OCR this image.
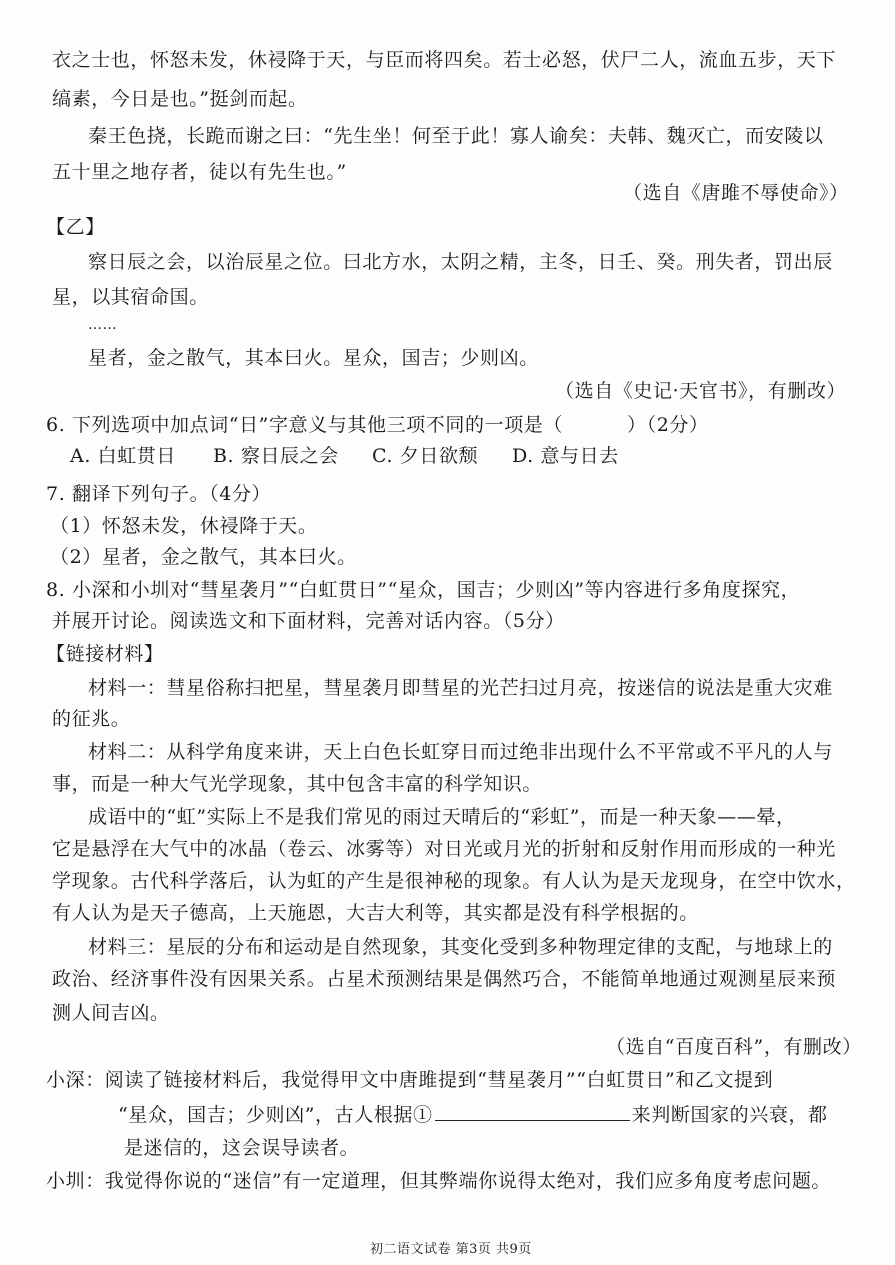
衣之士也，怀怒未发，休祲降于天，与臣而将四矣。若士必怒，伏尸二人，流血五步，天下
缟素，今日是也。”挺剑而起。
秦王色挠，长跪而谢之曰：“先生坐！何至于此！寡人谕矣：夫韩、魏灭亡，而安陵以
五十里之地存者，徒以有先生也。”
（选自《唐雎不辱使命》）
【乙】
察日辰之会，以治辰星之位。曰北方水，太阴之精，主冬，日壬、癸。刑失者，罚出辰
星，以其宿命国。
……
星者，金之散气，其本曰火。星众，国吉；少则凶。
（选自《史记·天官书》，有删改）
6. 下列选项中加点词“日”字意义与其他三项不同的一项是（	）（2分）
A. 白虹贯日 B. 察日辰之会 C. 夕日欲颓 D. 意与日去
7. 翻译下列句子。（4分）
（1）怀怒未发，休祲降于天。
（2）星者，金之散气，其本曰火。
8. 小深和小圳对“彗星袭月”“白虹贯日”“星众，国吉；少则凶”等内容进行多角度探究，
并展开讨论。阅读选文和下面材料，完善对话内容。（5分）
【链接材料】
材料一：彗星俗称扫把星，彗星袭月即彗星的光芒扫过月亮，按迷信的说法是重大灾难
的征兆。
材料二：从科学角度来讲，天上白色长虹穿日而过绝非出现什么不平常或不平凡的人与
事，而是一种大气光学现象，其中包含丰富的科学知识。
成语中的“虹”实际上不是我们常见的雨过天晴后的“彩虹”，而是一种天象——晕，
它是悬浮在大气中的冰晶（卷云、冰雾等）对日光或月光的折射和反射作用而形成的一种光
学现象。古代科学落后，认为虹的产生是很神秘的现象。有人认为是天龙现身，在空中饮水，
有人认为是天子德高，上天施恩，大吉大利等，其实都是没有科学根据的。
材料三：星辰的分布和运动是自然现象，其变化受到多种物理定律的支配，与地球上的
政治、经济事件没有因果关系。占星术预测结果是偶然巧合，不能简单地通过观测星辰来预
测人间吉凶。
（选自“百度百科”，有删改）
小深：阅读了链接材料后，我觉得甲文中唐雎提到“彗星袭月”“白虹贯日”和乙文提到
“星众，国吉；少则凶”，古人根据①	来判断国家的兴衰，都
是迷信的，这会误导读者。
小圳：我觉得你说的“迷信”有一定道理，但其弊端你说得太绝对，我们应多角度考虑问题。
初二语文试卷 第3页 共9页
